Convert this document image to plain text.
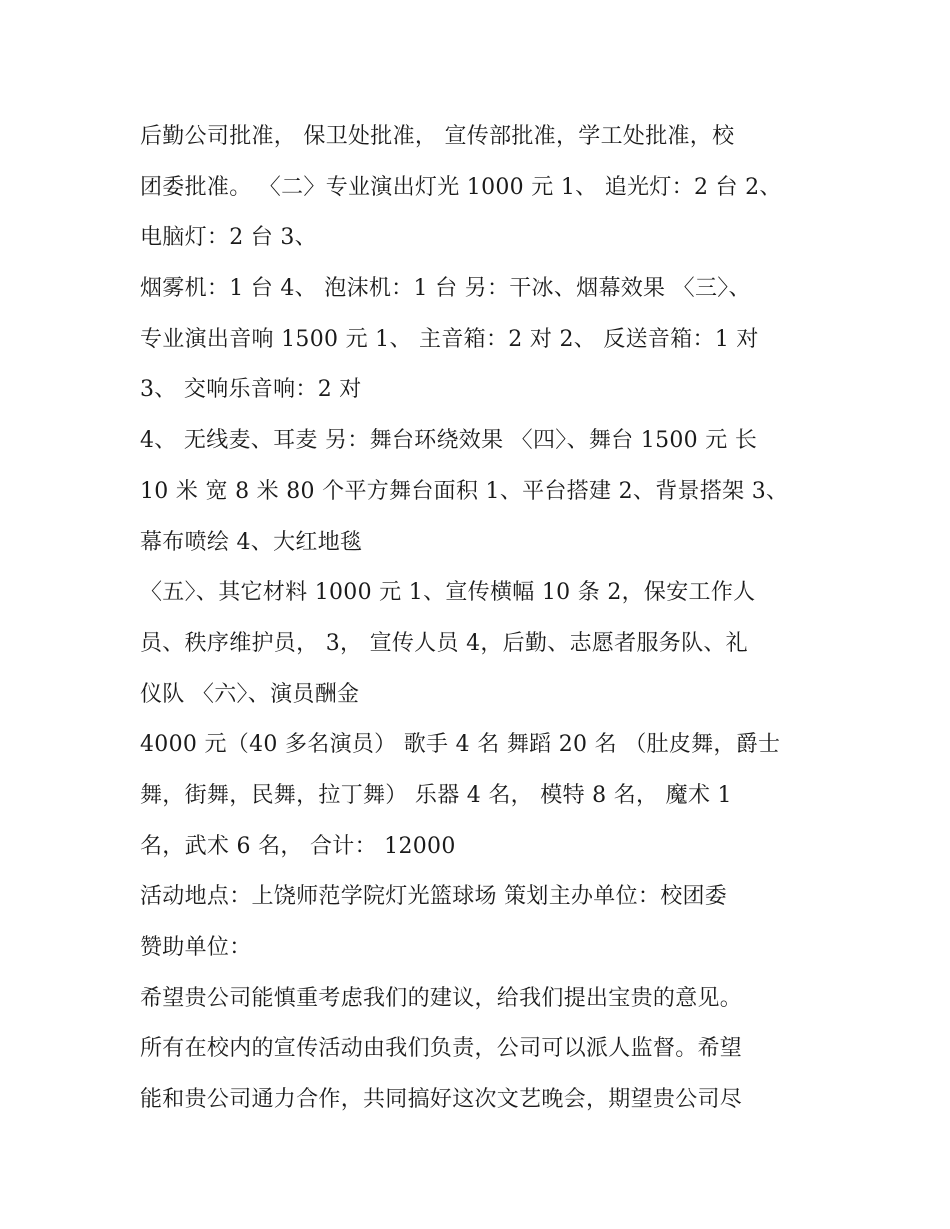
后勤公司批准， 保卫处批准， 宣传部批准，学工处批准，校
团委批准。 〈二〉专业演出灯光 1000 元 1、 追光灯：2 台 2、
电脑灯：2 台 3、
烟雾机：1 台 4、 泡沫机：1 台 另：干冰、烟幕效果 〈三〉、
专业演出音响 1500 元 1、 主音箱：2 对 2、 反送音箱：1 对
3、 交响乐音响：2 对
4、 无线麦、耳麦 另：舞台环绕效果 〈四〉、舞台 1500 元 长
10 米 宽 8 米 80 个平方舞台面积 1、平台搭建 2、背景搭架 3、
幕布喷绘 4、大红地毯
〈五〉、其它材料 1000 元 1、宣传横幅 10 条 2，保安工作人
员、秩序维护员， 3， 宣传人员 4，后勤、志愿者服务队、礼
仪队 〈六〉、演员酬金
4000 元（40 多名演员） 歌手 4 名 舞蹈 20 名 （肚皮舞，爵士
舞，街舞，民舞，拉丁舞） 乐器 4 名， 模特 8 名， 魔术 1
名，武术 6 名， 合计： 12000
活动地点：上饶师范学院灯光篮球场 策划主办单位：校团委
赞助单位：
希望贵公司能慎重考虑我们的建议，给我们提出宝贵的意见。
所有在校内的宣传活动由我们负责，公司可以派人监督。希望
能和贵公司通力合作，共同搞好这次文艺晚会，期望贵公司尽
